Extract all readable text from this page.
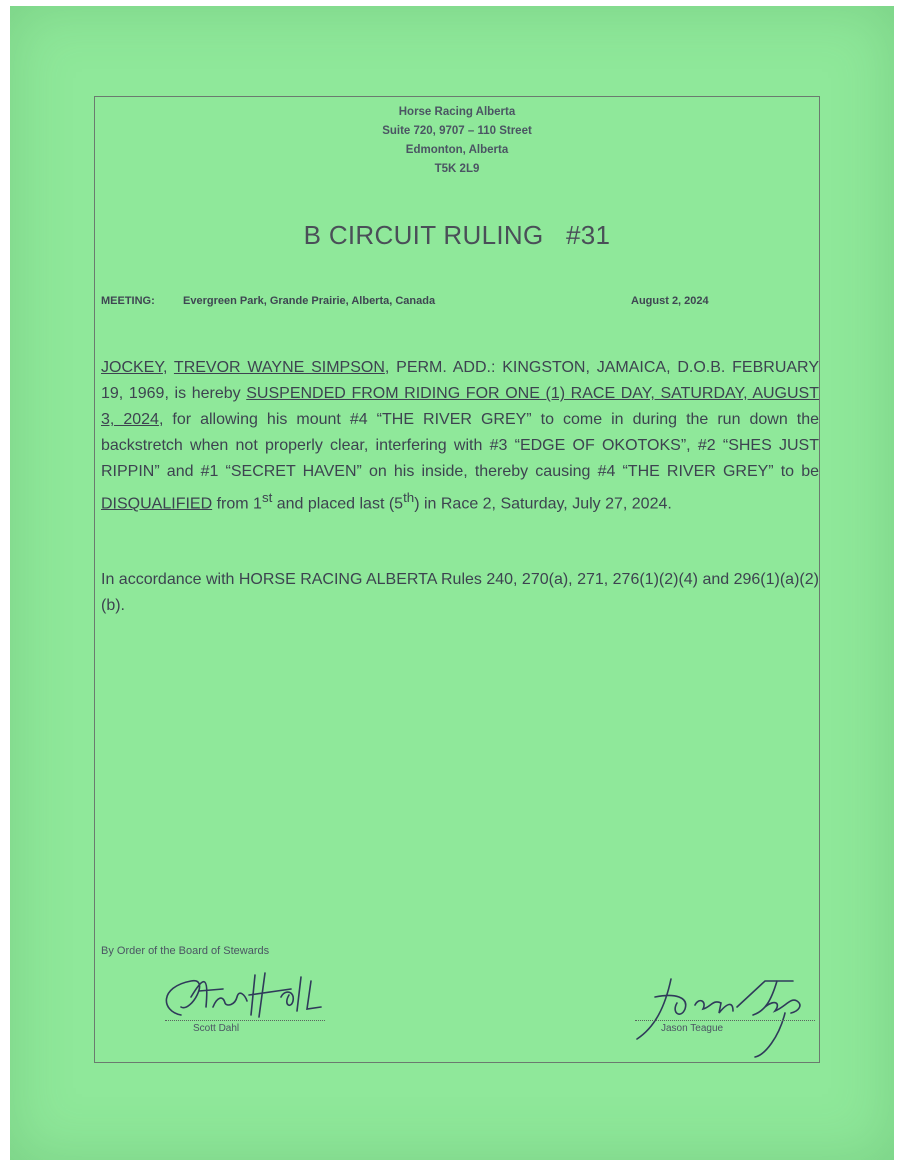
Horse Racing Alberta
Suite 720, 9707 – 110 Street
Edmonton, Alberta
T5K 2L9
B CIRCUIT RULING   #31
MEETING:	Evergreen Park, Grande Prairie, Alberta, Canada	August 2, 2024
JOCKEY, TREVOR WAYNE SIMPSON, PERM. ADD.: KINGSTON, JAMAICA, D.O.B. FEBRUARY 19, 1969, is hereby SUSPENDED FROM RIDING FOR ONE (1) RACE DAY, SATURDAY, AUGUST 3, 2024, for allowing his mount #4 “THE RIVER GREY” to come in during the run down the backstretch when not properly clear, interfering with #3 “EDGE OF OKOTOKS”, #2 “SHES JUST RIPPIN” and #1 “SECRET HAVEN” on his inside, thereby causing #4 “THE RIVER GREY” to be DISQUALIFIED from 1st and placed last (5th) in Race 2, Saturday, July 27, 2024.
In accordance with HORSE RACING ALBERTA Rules 240, 270(a), 271, 276(1)(2)(4) and 296(1)(a)(2)(b).
By Order of the Board of Stewards
Scott Dahl	Jason Teague
